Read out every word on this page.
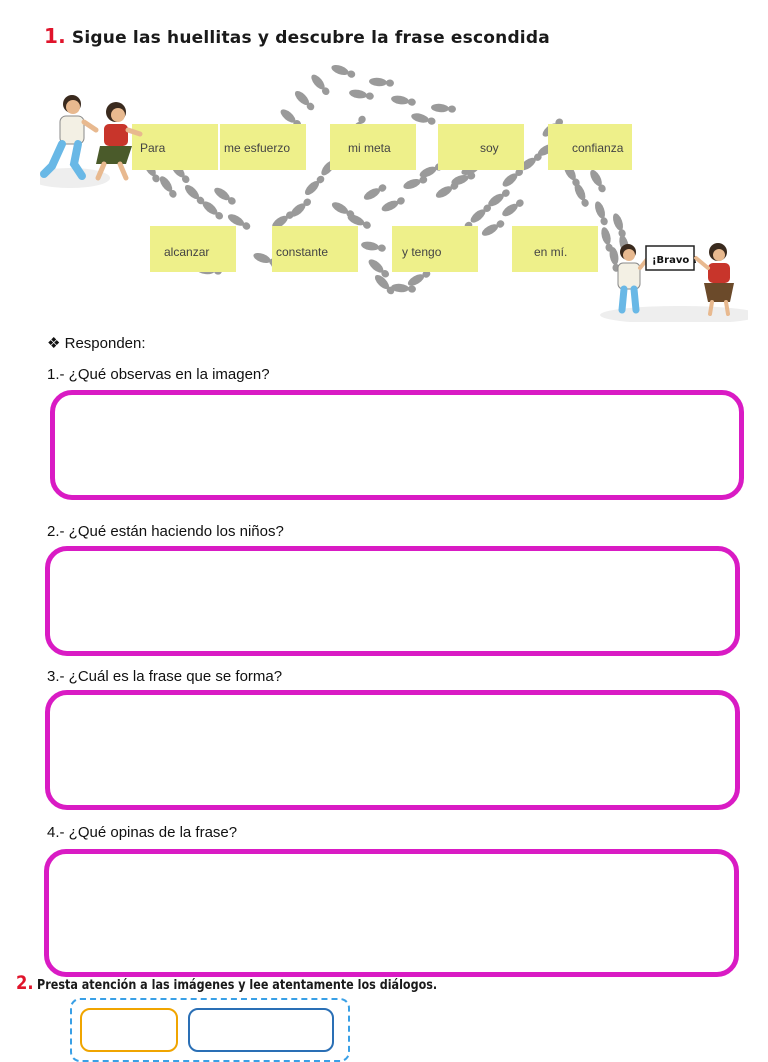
1. Sigue las huellitas y descubre la frase escondida
Para	me esfuerzo	mi meta	soy	confianza
alcanzar	constante	y tengo	en mí.
¡Bravo !
❖ Responden:
1.- ¿Qué observas en la imagen?
2.- ¿Qué están haciendo los niños?
3.- ¿Cuál es la frase que se forma?
4.- ¿Qué opinas de la frase?
2. Presta atención a las imágenes y lee atentamente los diálogos.
